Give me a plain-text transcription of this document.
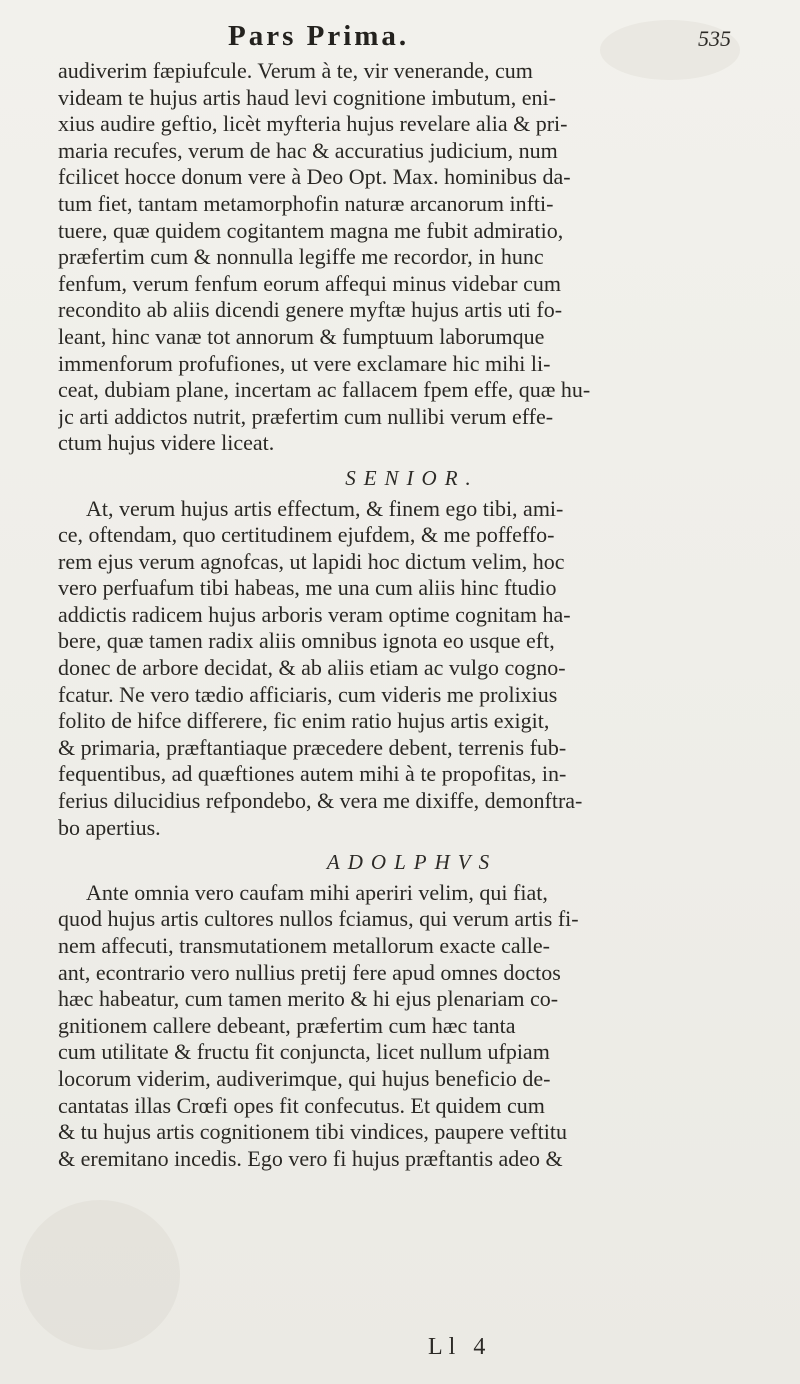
Pars Prima.	535
audiverim fæpiufcule. Verum à te, vir venerande, cum
videam te hujus artis haud levi cognitione imbutum, eni-
xius audire geftio, licèt myfteria hujus revelare alia & pri-
maria recufes, verum de hac & accuratius judicium, num
fcilicet hocce donum vere à Deo Opt. Max. hominibus da-
tum fiet, tantam metamorphofin naturæ arcanorum infti-
tuere, quæ quidem cogitantem magna me fubit admiratio,
præfertim cum & nonnulla legiffe me recordor, in hunc
fenfum, verum fenfum eorum affequi minus videbar cum
recondito ab aliis dicendi genere myftæ hujus artis uti fo-
leant, hinc vanæ tot annorum & fumptuum laborumque
immenforum profufiones, ut vere exclamare hic mihi li-
ceat, dubiam plane, incertam ac fallacem fpem effe, quæ hu-
jc arti addictos nutrit, præfertim cum nullibi verum effe-
ctum hujus videre liceat.
SENIOR.
At, verum hujus artis effectum, & finem ego tibi, ami-
ce, oftendam, quo certitudinem ejufdem, & me poffeffo-
rem ejus verum agnofcas, ut lapidi hoc dictum velim, hoc
vero perfuafum tibi habeas, me una cum aliis hinc ftudio
addictis radicem hujus arboris veram optime cognitam ha-
bere, quæ tamen radix aliis omnibus ignota eo usque eft,
donec de arbore decidat, & ab aliis etiam ac vulgo cogno-
fcatur. Ne vero tædio afficiaris, cum videris me prolixius
folito de hifce differere, fic enim ratio hujus artis exigit,
& primaria, præftantiaque præcedere debent, terrenis fub-
fequentibus, ad quæftiones autem mihi à te propofitas, in-
ferius dilucidius refpondebo, & vera me dixiffe, demonftra-
bo apertius.
ADOLPHVS
Ante omnia vero caufam mihi aperiri velim, qui fiat,
quod hujus artis cultores nullos fciamus, qui verum artis fi-
nem affecuti, transmutationem metallorum exacte calle-
ant, econtrario vero nullius pretij fere apud omnes doctos
hæc habeatur, cum tamen merito & hi ejus plenariam co-
gnitionem callere debeant, præfertim cum hæc tanta
cum utilitate & fructu fit conjuncta, licet nullum ufpiam
locorum viderim, audiverimque, qui hujus beneficio de-
cantatas illas Crœfi opes fit confecutus. Et quidem cum
& tu hujus artis cognitionem tibi vindices, paupere veftitu
& eremitano incedis. Ego vero fi hujus præftantis adeo &
Ll 4
